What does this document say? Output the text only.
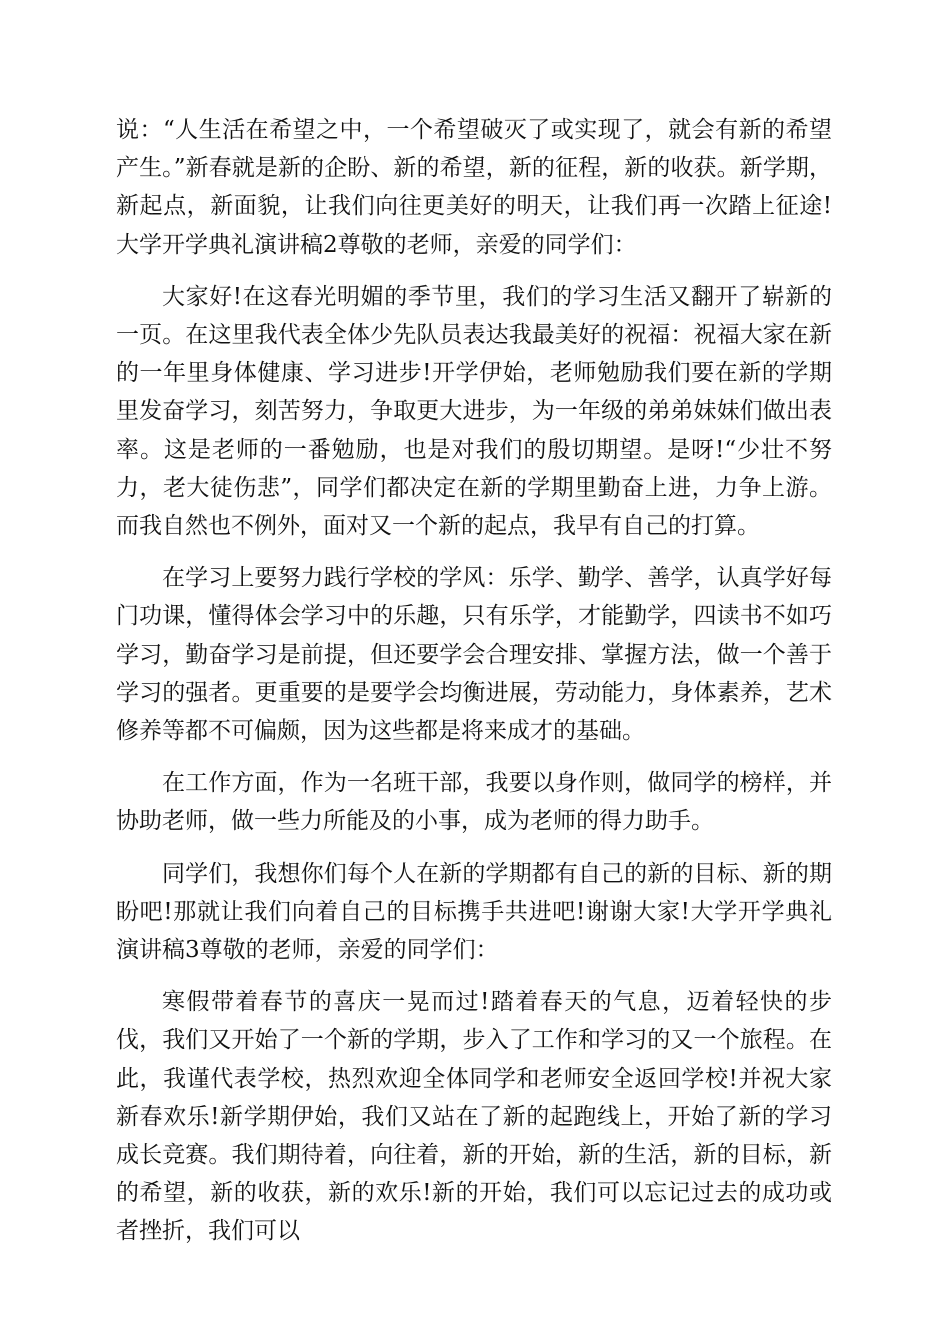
说：“人生活在希望之中，一个希望破灭了或实现了，就会有新的希望产生。”新春就是新的企盼、新的希望，新的征程，新的收获。新学期，新起点，新面貌，让我们向往更美好的明天，让我们再一次踏上征途!大学开学典礼演讲稿2尊敬的老师，亲爱的同学们：

大家好!在这春光明媚的季节里，我们的学习生活又翻开了崭新的一页。在这里我代表全体少先队员表达我最美好的祝福：祝福大家在新的一年里身体健康、学习进步!开学伊始，老师勉励我们要在新的学期里发奋学习，刻苦努力，争取更大进步，为一年级的弟弟妹妹们做出表率。这是老师的一番勉励，也是对我们的殷切期望。是呀!“少壮不努力，老大徒伤悲”，同学们都决定在新的学期里勤奋上进，力争上游。而我自然也不例外，面对又一个新的起点，我早有自己的打算。

在学习上要努力践行学校的学风：乐学、勤学、善学，认真学好每门功课，懂得体会学习中的乐趣，只有乐学，才能勤学，四读书不如巧学习，勤奋学习是前提，但还要学会合理安排、掌握方法，做一个善于学习的强者。更重要的是要学会均衡进展，劳动能力，身体素养，艺术修养等都不可偏颇，因为这些都是将来成才的基础。

在工作方面，作为一名班干部，我要以身作则，做同学的榜样，并协助老师，做一些力所能及的小事，成为老师的得力助手。

同学们，我想你们每个人在新的学期都有自己的新的目标、新的期盼吧!那就让我们向着自己的目标携手共进吧!谢谢大家!大学开学典礼演讲稿3尊敬的老师，亲爱的同学们：

寒假带着春节的喜庆一晃而过!踏着春天的气息，迈着轻快的步伐，我们又开始了一个新的学期，步入了工作和学习的又一个旅程。在此，我谨代表学校，热烈欢迎全体同学和老师安全返回学校!并祝大家新春欢乐!新学期伊始，我们又站在了新的起跑线上，开始了新的学习成长竞赛。我们期待着，向往着，新的开始，新的生活，新的目标，新的希望，新的收获，新的欢乐!新的开始，我们可以忘记过去的成功或者挫折，我们可以
